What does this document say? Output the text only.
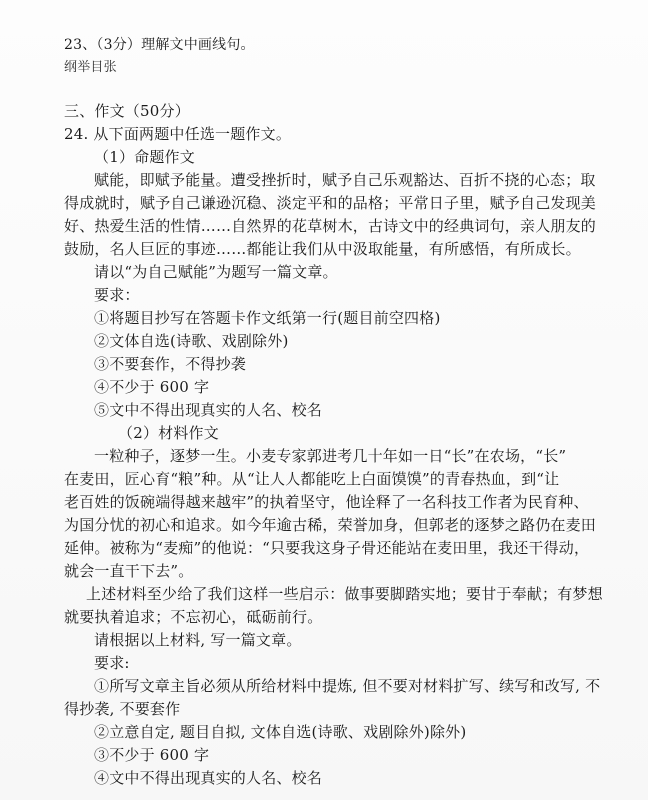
23、（3分）理解文中画线句。
纲举目张
三、作文（50分）
24. 从下面两题中任选一题作文。
（1）命题作文
赋能，即赋予能量。遭受挫折时，赋予自己乐观豁达、百折不挠的心态；取
得成就时，赋予自己谦逊沉稳、淡定平和的品格；平常日子里，赋予自己发现美
好、热爱生活的性情……自然界的花草树木，古诗文中的经典词句，亲人朋友的
鼓励，名人巨匠的事迹……都能让我们从中汲取能量，有所感悟，有所成长。
请以“为自己赋能”为题写一篇文章。
要求：
①将题目抄写在答题卡作文纸第一行(题目前空四格)
②文体自选(诗歌、戏剧除外)
③不要套作，不得抄袭
④不少于 600 字
⑤文中不得出现真实的人名、校名
（2）材料作文
一粒种子，逐梦一生。小麦专家郭进考几十年如一日“长”在农场，“长”
在麦田，匠心育“粮”种。从“让人人都能吃上白面馍馍”的青春热血，到“让
老百姓的饭碗端得越来越牢”的执着坚守，他诠释了一名科技工作者为民育种、
为国分忧的初心和追求。如今年逾古稀，荣誉加身，但郭老的逐梦之路仍在麦田
延伸。被称为“麦痴”的他说：“只要我这身子骨还能站在麦田里，我还干得动，
就会一直干下去”。
上述材料至少给了我们这样一些启示：做事要脚踏实地；要甘于奉献；有梦想
就要执着追求；不忘初心，砥砺前行。
请根据以上材料, 写一篇文章。
要求:
①所写文章主旨必须从所给材料中提炼, 但不要对材料扩写、续写和改写, 不
得抄袭, 不要套作
②立意自定, 题目自拟, 文体自选(诗歌、戏剧除外)除外)
③不少于 600 字
④文中不得出现真实的人名、校名
